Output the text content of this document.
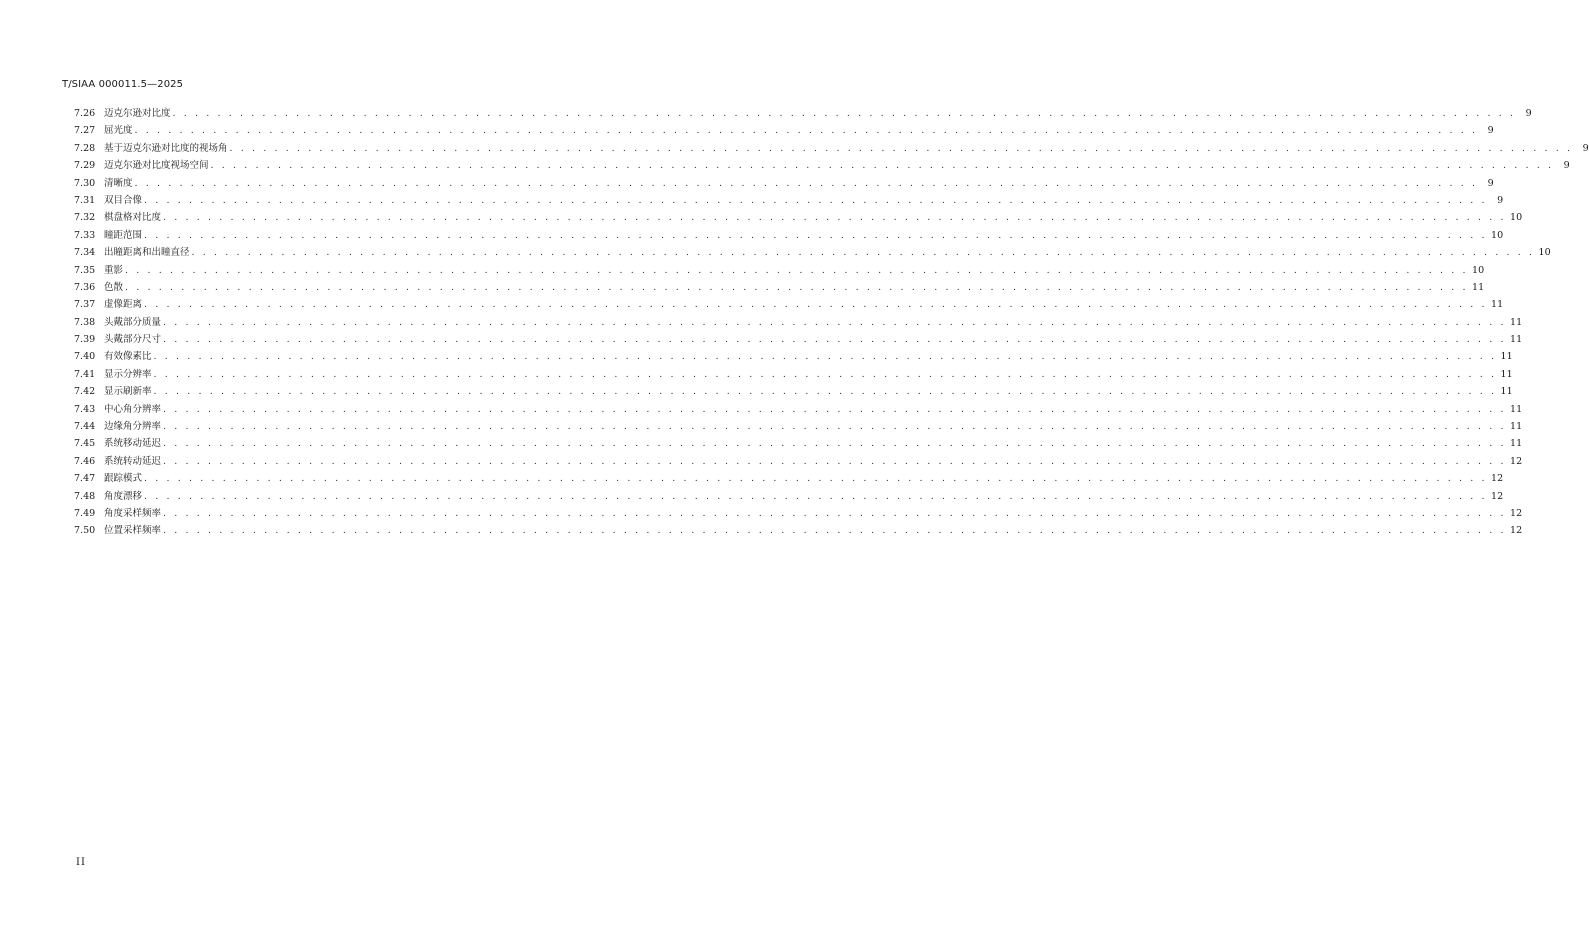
T/SIAA 000011.5—2025
7.26 迈克尔逊对比度 . . . . . . . . . . . . . . . . . . . . . . . . . . . . . . . . . . . . . . . . . . . . . . . . . . . . . . . . . . . . . . . . . . . . . . . . . . . . . . . . . . . . . . . . . . . . . . . . . . . . . . . . . . . . . . . . . . . . . . . .	9
7.27 屈光度 . . . . . . . . . . . . . . . . . . . . . . . . . . . . . . . . . . . . . . . . . . . . . . . . . . . . . . . . . . . . . . . . . . . . . . . . . . . . . . . . . . . . . . . . . . . . . . . . . . . . . . . . . . . . . . . . . . . . . . . .	9
7.28 基于迈克尔逊对比度的视场角 . . . . . . . . . . . . . . . . . . . . . . . . . . . . . . . . . . . . . . . . . . . . . . . . . . . . . . . . . . . . . . . . . . . . . . . . . . . . . . . . . . . . . . . . . . . . . . . . . . . . . . . . . . . . . . . . . . . . . . . .	9
7.29 迈克尔逊对比度视场空间 . . . . . . . . . . . . . . . . . . . . . . . . . . . . . . . . . . . . . . . . . . . . . . . . . . . . . . . . . . . . . . . . . . . . . . . . . . . . . . . . . . . . . . . . . . . . . . . . . . . . . . . . . . . . . . . . . . . . . . . .	9
7.30 清晰度 . . . . . . . . . . . . . . . . . . . . . . . . . . . . . . . . . . . . . . . . . . . . . . . . . . . . . . . . . . . . . . . . . . . . . . . . . . . . . . . . . . . . . . . . . . . . . . . . . . . . . . . . . . . . . . . . . . . . . . . .	9
7.31 双目合像 . . . . . . . . . . . . . . . . . . . . . . . . . . . . . . . . . . . . . . . . . . . . . . . . . . . . . . . . . . . . . . . . . . . . . . . . . . . . . . . . . . . . . . . . . . . . . . . . . . . . . . . . . . . . . . . . . . . . . . . .	9
7.32 棋盘格对比度 . . . . . . . . . . . . . . . . . . . . . . . . . . . . . . . . . . . . . . . . . . . . . . . . . . . . . . . . . . . . . . . . . . . . . . . . . . . . . . . . . . . . . . . . . . . . . . . . . . . . . . . . . . . . . . . . . . . . . . . . 10
7.33 瞳距范围 . . . . . . . . . . . . . . . . . . . . . . . . . . . . . . . . . . . . . . . . . . . . . . . . . . . . . . . . . . . . . . . . . . . . . . . . . . . . . . . . . . . . . . . . . . . . . . . . . . . . . . . . . . . . . . . . . . . . . . . . 10
7.34 出瞳距离和出瞳直径 . . . . . . . . . . . . . . . . . . . . . . . . . . . . . . . . . . . . . . . . . . . . . . . . . . . . . . . . . . . . . . . . . . . . . . . . . . . . . . . . . . . . . . . . . . . . . . . . . . . . . . . . . . . . . . . . . . . . . . . . 10
7.35 重影 . . . . . . . . . . . . . . . . . . . . . . . . . . . . . . . . . . . . . . . . . . . . . . . . . . . . . . . . . . . . . . . . . . . . . . . . . . . . . . . . . . . . . . . . . . . . . . . . . . . . . . . . . . . . . . . . . . . . . . . . 10
7.36 色散 . . . . . . . . . . . . . . . . . . . . . . . . . . . . . . . . . . . . . . . . . . . . . . . . . . . . . . . . . . . . . . . . . . . . . . . . . . . . . . . . . . . . . . . . . . . . . . . . . . . . . . . . . . . . . . . . . . . . . . . . 11
7.37 虚像距离 . . . . . . . . . . . . . . . . . . . . . . . . . . . . . . . . . . . . . . . . . . . . . . . . . . . . . . . . . . . . . . . . . . . . . . . . . . . . . . . . . . . . . . . . . . . . . . . . . . . . . . . . . . . . . . . . . . . . . . . . 11
7.38 头戴部分质量 . . . . . . . . . . . . . . . . . . . . . . . . . . . . . . . . . . . . . . . . . . . . . . . . . . . . . . . . . . . . . . . . . . . . . . . . . . . . . . . . . . . . . . . . . . . . . . . . . . . . . . . . . . . . . . . . . . . . . . . . 11
7.39 头戴部分尺寸 . . . . . . . . . . . . . . . . . . . . . . . . . . . . . . . . . . . . . . . . . . . . . . . . . . . . . . . . . . . . . . . . . . . . . . . . . . . . . . . . . . . . . . . . . . . . . . . . . . . . . . . . . . . . . . . . . . . . . . . . 11
7.40 有效像素比 . . . . . . . . . . . . . . . . . . . . . . . . . . . . . . . . . . . . . . . . . . . . . . . . . . . . . . . . . . . . . . . . . . . . . . . . . . . . . . . . . . . . . . . . . . . . . . . . . . . . . . . . . . . . . . . . . . . . . . . . 11
7.41 显示分辨率 . . . . . . . . . . . . . . . . . . . . . . . . . . . . . . . . . . . . . . . . . . . . . . . . . . . . . . . . . . . . . . . . . . . . . . . . . . . . . . . . . . . . . . . . . . . . . . . . . . . . . . . . . . . . . . . . . . . . . . . . 11
7.42 显示刷新率 . . . . . . . . . . . . . . . . . . . . . . . . . . . . . . . . . . . . . . . . . . . . . . . . . . . . . . . . . . . . . . . . . . . . . . . . . . . . . . . . . . . . . . . . . . . . . . . . . . . . . . . . . . . . . . . . . . . . . . . . 11
7.43 中心角分辨率 . . . . . . . . . . . . . . . . . . . . . . . . . . . . . . . . . . . . . . . . . . . . . . . . . . . . . . . . . . . . . . . . . . . . . . . . . . . . . . . . . . . . . . . . . . . . . . . . . . . . . . . . . . . . . . . . . . . . . . . . 11
7.44 边缘角分辨率 . . . . . . . . . . . . . . . . . . . . . . . . . . . . . . . . . . . . . . . . . . . . . . . . . . . . . . . . . . . . . . . . . . . . . . . . . . . . . . . . . . . . . . . . . . . . . . . . . . . . . . . . . . . . . . . . . . . . . . . . 11
7.45 系统移动延迟 . . . . . . . . . . . . . . . . . . . . . . . . . . . . . . . . . . . . . . . . . . . . . . . . . . . . . . . . . . . . . . . . . . . . . . . . . . . . . . . . . . . . . . . . . . . . . . . . . . . . . . . . . . . . . . . . . . . . . . . . 11
7.46 系统转动延迟 . . . . . . . . . . . . . . . . . . . . . . . . . . . . . . . . . . . . . . . . . . . . . . . . . . . . . . . . . . . . . . . . . . . . . . . . . . . . . . . . . . . . . . . . . . . . . . . . . . . . . . . . . . . . . . . . . . . . . . . . 12
7.47 跟踪模式 . . . . . . . . . . . . . . . . . . . . . . . . . . . . . . . . . . . . . . . . . . . . . . . . . . . . . . . . . . . . . . . . . . . . . . . . . . . . . . . . . . . . . . . . . . . . . . . . . . . . . . . . . . . . . . . . . . . . . . . . 12
7.48 角度漂移 . . . . . . . . . . . . . . . . . . . . . . . . . . . . . . . . . . . . . . . . . . . . . . . . . . . . . . . . . . . . . . . . . . . . . . . . . . . . . . . . . . . . . . . . . . . . . . . . . . . . . . . . . . . . . . . . . . . . . . . . 12
7.49 角度采样频率 . . . . . . . . . . . . . . . . . . . . . . . . . . . . . . . . . . . . . . . . . . . . . . . . . . . . . . . . . . . . . . . . . . . . . . . . . . . . . . . . . . . . . . . . . . . . . . . . . . . . . . . . . . . . . . . . . . . . . . . . 12
7.50 位置采样频率 . . . . . . . . . . . . . . . . . . . . . . . . . . . . . . . . . . . . . . . . . . . . . . . . . . . . . . . . . . . . . . . . . . . . . . . . . . . . . . . . . . . . . . . . . . . . . . . . . . . . . . . . . . . . . . . . . . . . . . . . 12
II
